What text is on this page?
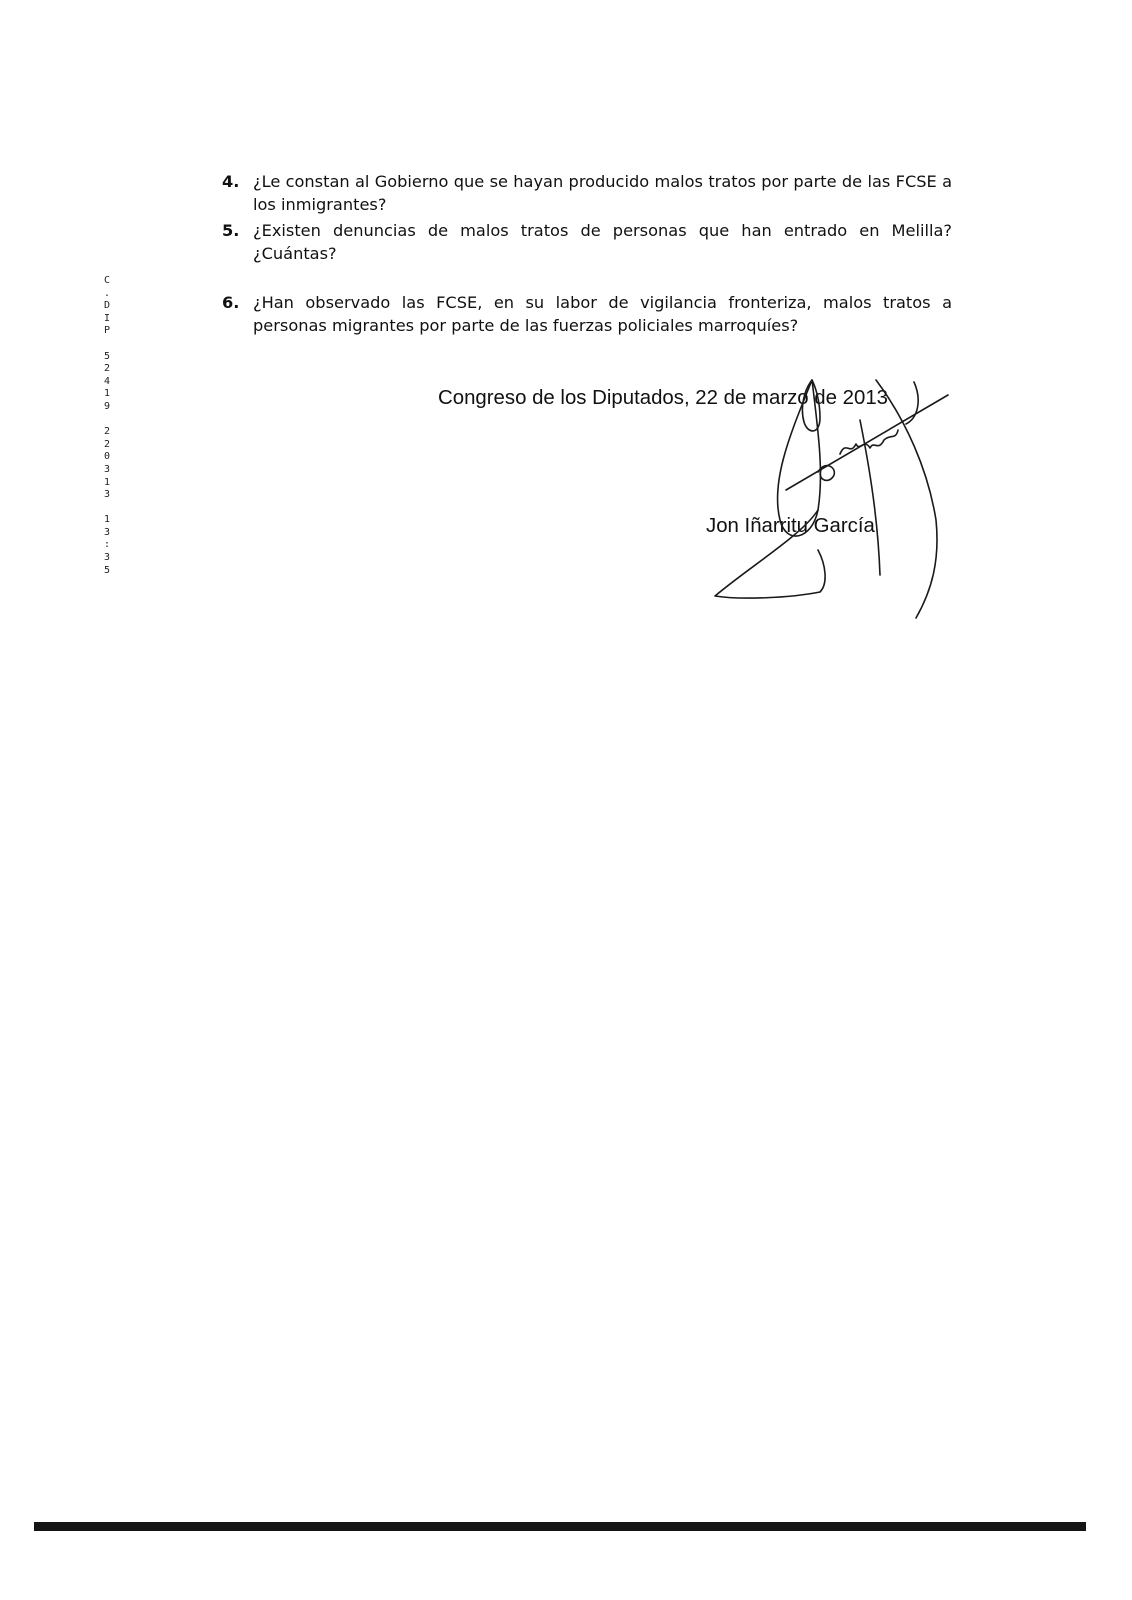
C
.
D
I
P
5
2
4
1
9
2
2
0
3
1
3
1
3
:
3
5
4. ¿Le constan al Gobierno que se hayan producido malos tratos por parte de las FCSE a los inmigrantes?
5. ¿Existen denuncias de malos tratos de personas que han entrado en Melilla? ¿Cuántas?
6. ¿Han observado las FCSE, en su labor de vigilancia fronteriza, malos tratos a personas migrantes por parte de las fuerzas policiales marroquíes?
Congreso de los Diputados, 22 de marzo de 2013
Jon Iñarritu García
